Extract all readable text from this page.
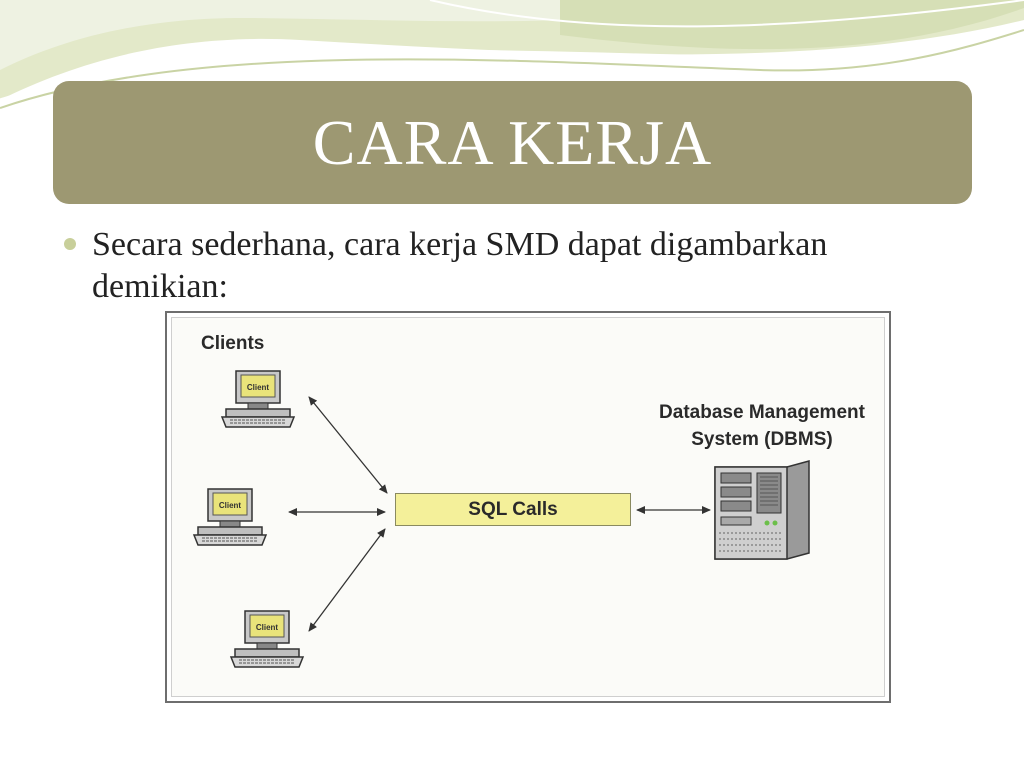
CARA KERJA
Secara sederhana, cara kerja SMD dapat digambarkan demikian:
Client
Client
Client
Clients
Database Management
System (DBMS)
SQL Calls
